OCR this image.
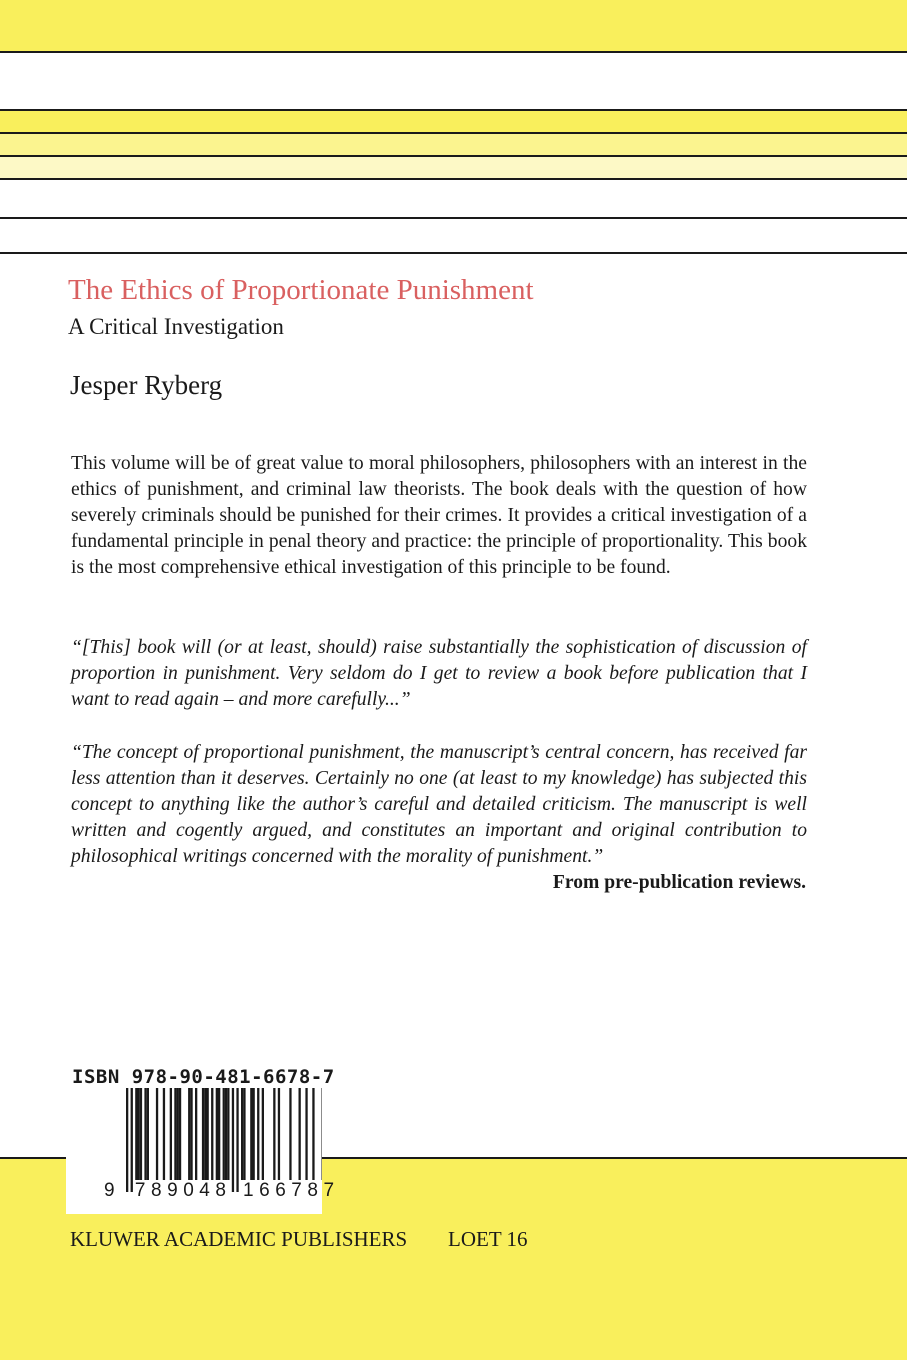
The Ethics of Proportionate Punishment
A Critical Investigation
Jesper Ryberg

This volume will be of great value to moral philosophers, philosophers with an interest in the ethics of punishment, and criminal law theorists. The book deals with the question of how severely criminals should be punished for their crimes. It provides a critical investigation of a fundamental principle in penal theory and practice: the principle of proportionality. This book is the most comprehensive ethical investigation of this principle to be found.

“[This] book will (or at least, should) raise substantially the sophistication of discussion of proportion in punishment. Very seldom do I get to review a book before publication that I want to read again – and more carefully...”

“The concept of proportional punishment, the manuscript’s central concern, has received far less attention than it deserves. Certainly no one (at least to my knowledge) has subjected this concept to anything like the author’s careful and detailed criticism. The manuscript is well written and cogently argued, and constitutes an important and original contribution to philosophical writings concerned with the morality of punishment.”

From pre-publication reviews.
ISBN 978-90-481-6678-7
9 7 8 9 0 4 8 1 6 6 7 8 7
KLUWER ACADEMIC PUBLISHERS LOET 16
